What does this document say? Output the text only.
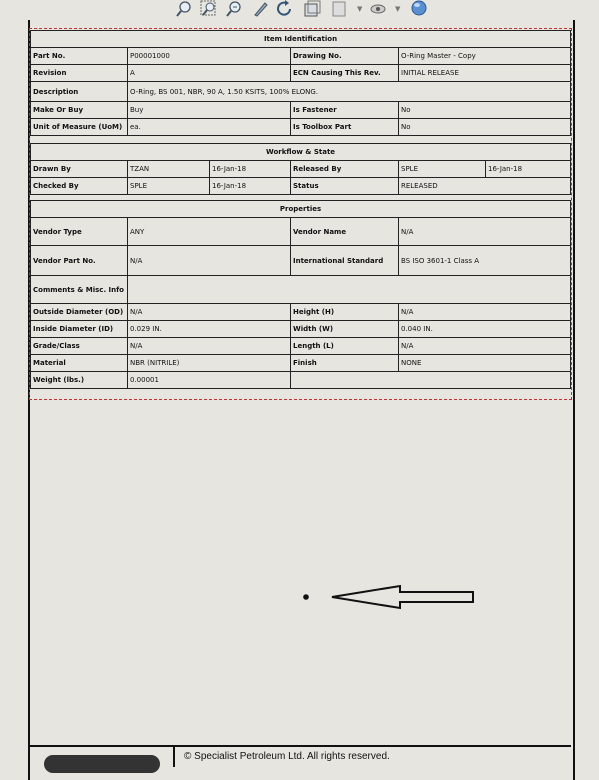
▼	▼
Item Identification			
Part No.	P00001000	Drawing No.	O-Ring Master - Copy
Revision	A	ECN Causing This Rev.	INITIAL RELEASE
Description	O-Ring, BS 001, NBR, 90 A, 1.50 KSITS, 100% ELONG.		
Make Or Buy	Buy	Is Fastener	No
Unit of Measure (UoM)	ea.	Is Toolbox Part	No
Workflow & State					
Drawn By	TZAN	16-Jan-18	Released By	SPLE	16-Jan-18
Checked By	SPLE	16-Jan-18	Status	RELEASED	
Properties			
Vendor Type	ANY	Vendor Name	N/A
Vendor Part No.	N/A	International Standard	BS ISO 3601-1 Class A
Comments & Misc. Info			
Outside Diameter (OD)	N/A	Height (H)	N/A
Inside Diameter (ID)	0.029 IN.	Width (W)	0.040 IN.
Grade/Class	N/A	Length (L)	N/A
Material	NBR (NITRILE)	Finish	NONE
Weight (lbs.)	0.00001		
© Specialist Petroleum Ltd. All rights reserved.
